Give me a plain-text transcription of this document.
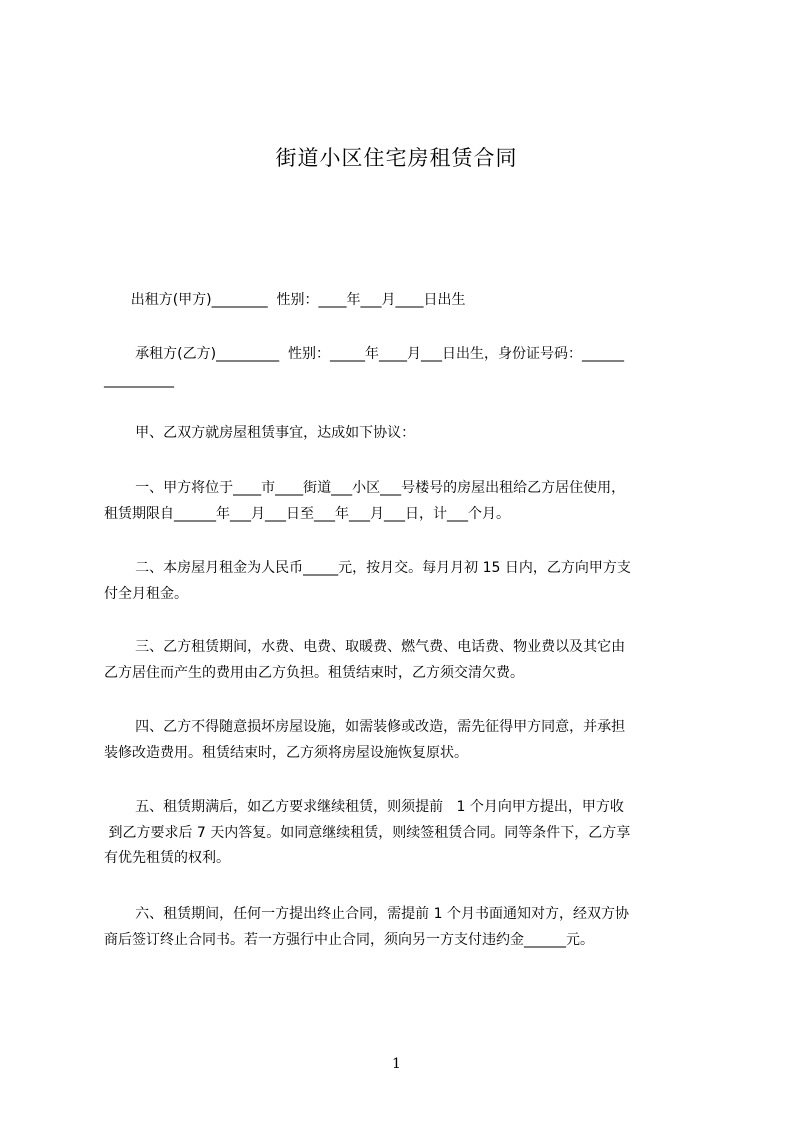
街道小区住宅房租赁合同

出租方(甲方)________  性别：____年___月____日出生

承租方(乙方)_________  性别：_____年____月___日出生，身份证号码：______
__________

甲、乙双方就房屋租赁事宜，达成如下协议：

一、甲方将位于____市____街道___小区___号楼号的房屋出租给乙方居住使用，
租赁期限自______年___月___日至___年___月___日，计___个月。

二、本房屋月租金为人民币_____元，按月交。每月月初 15 日内，乙方向甲方支
付全月租金。

三、乙方租赁期间，水费、电费、取暖费、燃气费、电话费、物业费以及其它由
乙方居住而产生的费用由乙方负担。租赁结束时，乙方须交清欠费。

四、乙方不得随意损坏房屋设施，如需装修或改造，需先征得甲方同意，并承担
装修改造费用。租赁结束时，乙方须将房屋设施恢复原状。

五、租赁期满后，如乙方要求继续租赁，则须提前   1 个月向甲方提出，甲方收
到乙方要求后 7 天内答复。如同意继续租赁，则续签租赁合同。同等条件下，乙方享
有优先租赁的权利。

六、租赁期间，任何一方提出终止合同，需提前 1 个月书面通知对方，经双方协
商后签订终止合同书。若一方强行中止合同，须向另一方支付违约金______元。

1
